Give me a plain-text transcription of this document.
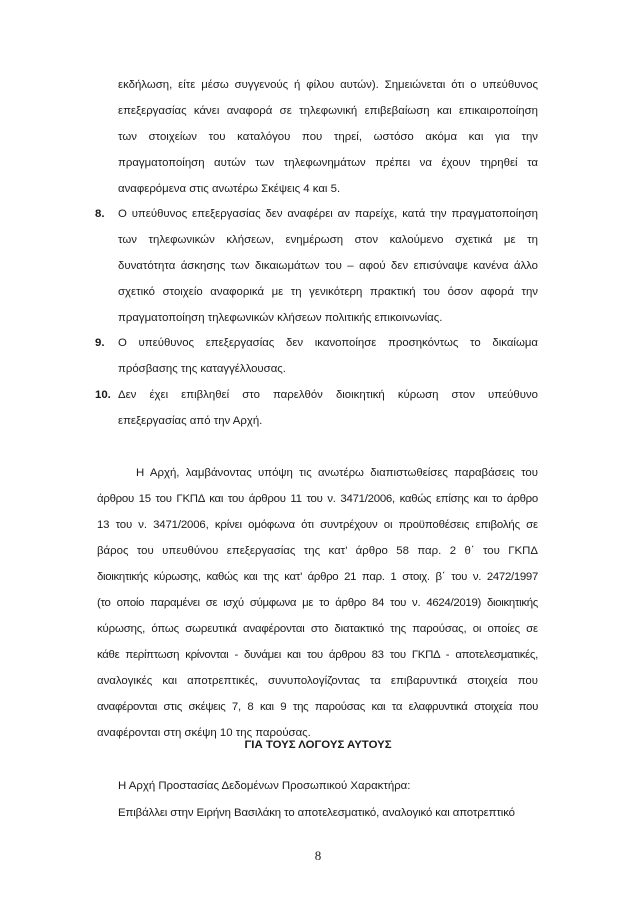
εκδήλωση, είτε μέσω συγγενούς ή φίλου αυτών). Σημειώνεται ότι ο υπεύθυνος
επεξεργασίας κάνει αναφορά σε τηλεφωνική επιβεβαίωση και επικαιροποίηση
των στοιχείων του καταλόγου που τηρεί, ωστόσο ακόμα και για την
πραγματοποίηση αυτών των τηλεφωνημάτων πρέπει να έχουν τηρηθεί τα
αναφερόμενα στις ανωτέρω Σκέψεις 4 και 5.
8. Ο υπεύθυνος επεξεργασίας δεν αναφέρει αν παρείχε, κατά την πραγματοποίηση
των τηλεφωνικών κλήσεων, ενημέρωση στον καλούμενο σχετικά με τη
δυνατότητα άσκησης των δικαιωμάτων του – αφού δεν επισύναψε κανένα άλλο
σχετικό στοιχείο αναφορικά με τη γενικότερη πρακτική του όσον αφορά την
πραγματοποίηση τηλεφωνικών κλήσεων πολιτικής επικοινωνίας.
9. Ο υπεύθυνος επεξεργασίας δεν ικανοποίησε προσηκόντως το δικαίωμα
πρόσβασης της καταγγέλλουσας.
10. Δεν έχει επιβληθεί στο παρελθόν διοικητική κύρωση στον υπεύθυνο
επεξεργασίας από την Αρχή.
Η Αρχή, λαμβάνοντας υπόψη τις ανωτέρω διαπιστωθείσες παραβάσεις του
άρθρου 15 του ΓΚΠΔ και του άρθρου 11 του ν. 3471/2006, καθώς επίσης και το άρθρο
13 του ν. 3471/2006, κρίνει ομόφωνα ότι συντρέχουν οι προϋποθέσεις επιβολής σε
βάρος του υπευθύνου επεξεργασίας της κατ’ άρθρο 58 παρ. 2 θ΄ του ΓΚΠΔ
διοικητικής κύρωσης, καθώς και της κατ’ άρθρο 21 παρ. 1 στοιχ. β΄ του ν. 2472/1997
(το οποίο παραμένει σε ισχύ σύμφωνα με το άρθρο 84 του ν. 4624/2019) διοικητικής
κύρωσης, όπως σωρευτικά αναφέρονται στο διατακτικό της παρούσας, οι οποίες σε
κάθε περίπτωση κρίνονται - δυνάμει και του άρθρου 83 του ΓΚΠΔ - αποτελεσματικές,
αναλογικές και αποτρεπτικές, συνυπολογίζοντας τα επιβαρυντικά στοιχεία που
αναφέρονται στις σκέψεις 7, 8 και 9 της παρούσας και τα ελαφρυντικά στοιχεία που
αναφέρονται στη σκέψη 10 της παρούσας.
ΓΙΑ ΤΟΥΣ ΛΟΓΟΥΣ ΑΥΤΟΥΣ
Η Αρχή Προστασίας Δεδομένων Προσωπικού Χαρακτήρα:
Επιβάλλει στην Ειρήνη Βασιλάκη το αποτελεσματικό, αναλογικό και αποτρεπτικό
8
